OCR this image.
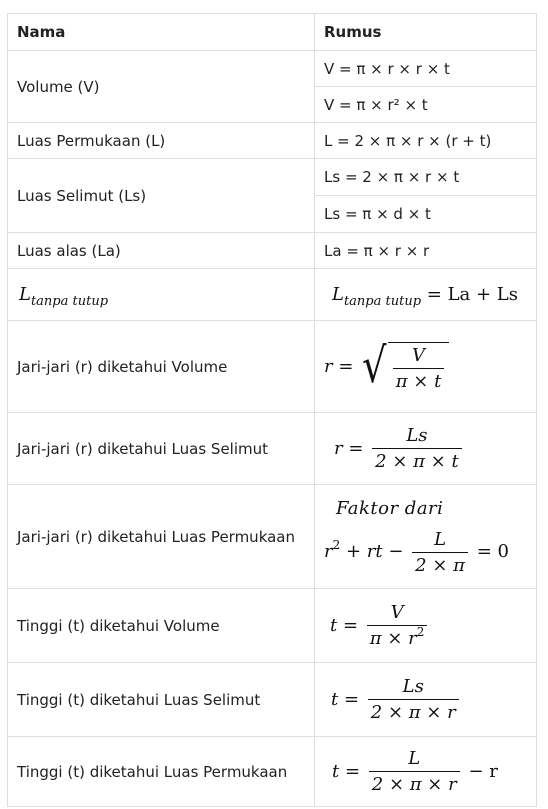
Nama	Rumus
Volume (V)	V = π × r × r × t
	V = π × r² × t
Luas Permukaan (L)	L = 2 × π × r × (r + t)
Luas Selimut (Ls)	Ls = 2 × π × r × t
	Ls = π × d × t
Luas alas (La)	La = π × r × r
$L_{tanpa tutup}$	$L_{tanpa tutup} = La + Ls$
Jari-jari (r) diketahui Volume	r = √ $\frac{V}{\pi \times t}$

Jari-jari (r) diketahui Luas Selimut	$r = \frac{Ls}{2 \times \pi \times t}$

Jari-jari (r) diketahui Luas Permukaan	Faktor dari
$r^2$ + rt − $\frac{L}{2 \times \pi} = 0$
Tinggi (t) diketahui Volume	$t = \frac{V}{\pi \times r^2}$

Tinggi (t) diketahui Luas Selimut	$t = \frac{Ls}{2 \times \pi \times r}$

Tinggi (t) diketahui Luas Permukaan	$t = \frac{L}{2 \times \pi \times r} - r$
